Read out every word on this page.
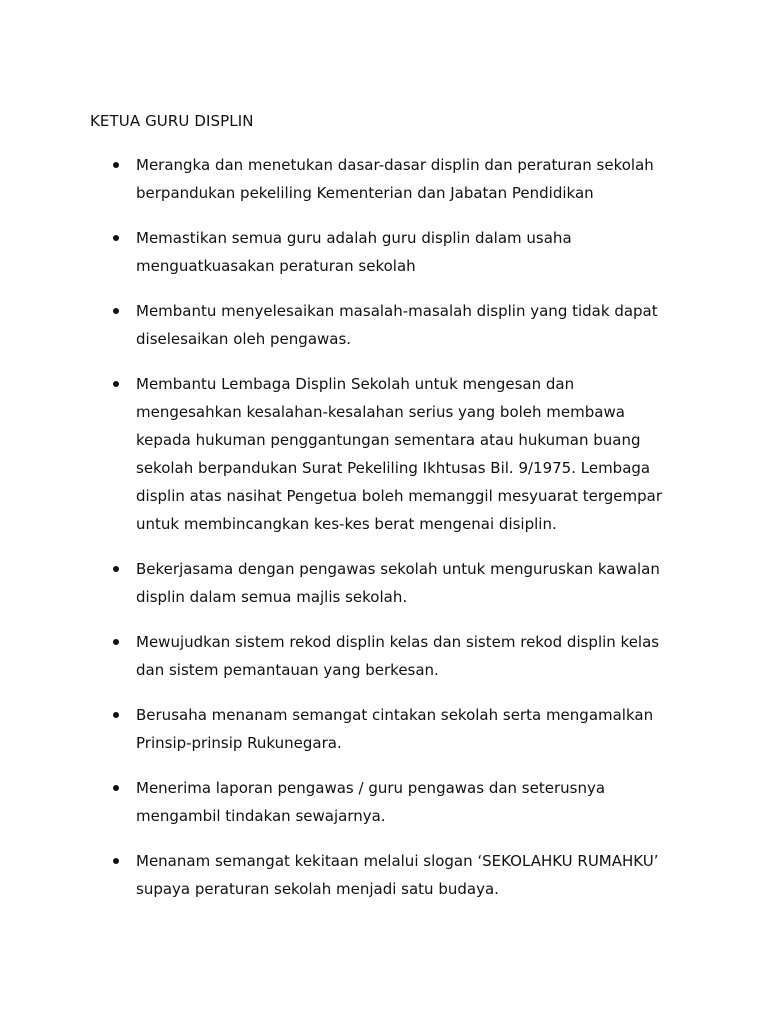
KETUA GURU DISPLIN
Merangka dan menetukan dasar-dasar displin dan peraturan sekolah berpandukan pekeliling Kementerian dan Jabatan Pendidikan
Memastikan semua guru adalah guru displin dalam usaha menguatkuasakan peraturan sekolah
Membantu menyelesaikan masalah-masalah displin yang tidak dapat diselesaikan oleh pengawas.
Membantu Lembaga Displin Sekolah untuk mengesan dan mengesahkan kesalahan-kesalahan serius yang boleh membawa kepada hukuman penggantungan sementara atau hukuman buang sekolah berpandukan Surat Pekeliling Ikhtusas Bil. 9/1975. Lembaga displin atas nasihat Pengetua boleh memanggil mesyuarat tergempar untuk membincangkan kes-kes berat mengenai disiplin.
Bekerjasama dengan pengawas sekolah untuk menguruskan kawalan displin dalam semua majlis sekolah.
Mewujudkan sistem rekod displin kelas dan sistem rekod displin kelas dan sistem pemantauan yang berkesan.
Berusaha menanam semangat cintakan sekolah serta mengamalkan Prinsip-prinsip Rukunegara.
Menerima laporan pengawas / guru pengawas dan seterusnya mengambil tindakan sewajarnya.
Menanam semangat kekitaan melalui slogan ‘SEKOLAHKU RUMAHKU’ supaya peraturan sekolah menjadi satu budaya.
